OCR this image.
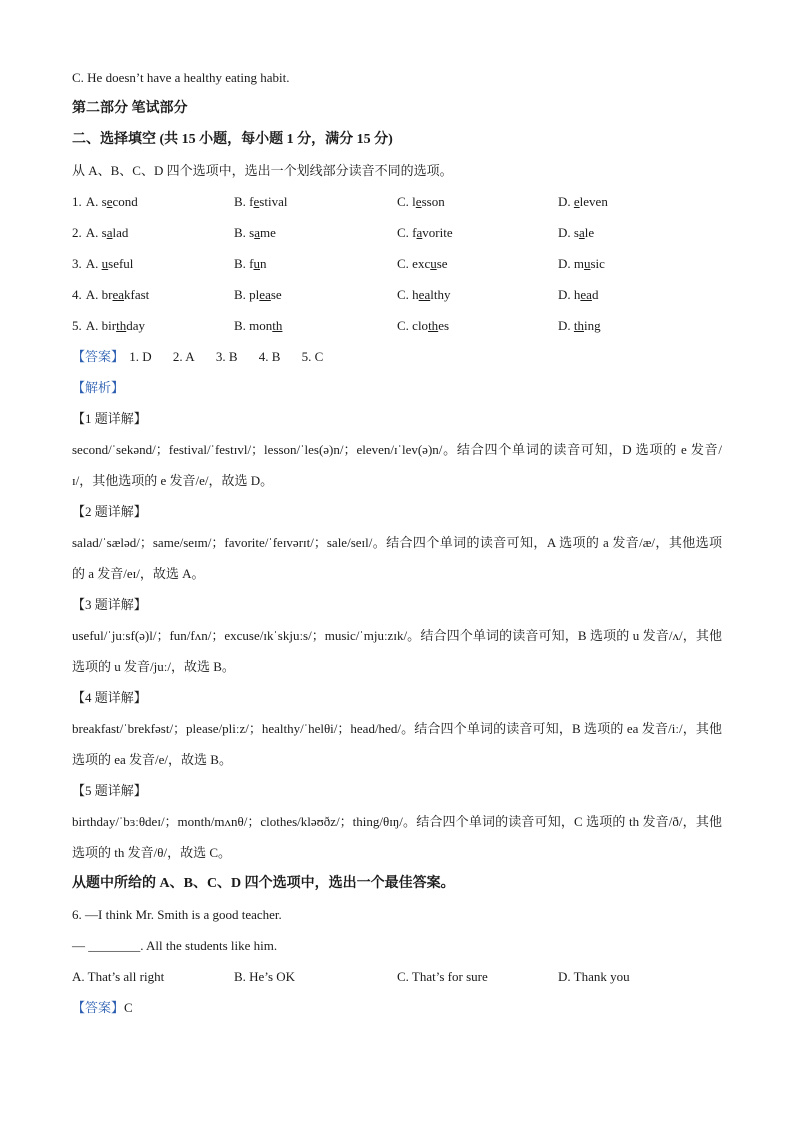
C. He doesn’t have a healthy eating habit.
第二部分 笔试部分
二、选择填空 (共 15 小题，每小题 1 分，满分 15 分)
从 A、B、C、D 四个选项中，选出一个划线部分读音不同的选项。
1. A. second	B. festival	C. lesson	D. eleven
2. A. salad	B. same	C. favorite	D. sale
3. A. useful	B. fun	C. excuse	D. music
4. A. breakfast	B. please	C. healthy	D. head
5. A. birthday	B. month	C. clothes	D. thing
【答案】 1. D 2. A 3. B 4. B 5. C
【解析】
【1 题详解】
second/ˈsekənd/；festival/ˈfestɪvl/；lesson/ˈles(ə)n/；eleven/ɪˈlev(ə)n/。结合四个单词的读音可知，D 选项的 e 发音/ɪ/，其他选项的 e 发音/e/，故选 D。
【2 题详解】
salad/ˈsæləd/；same/seɪm/；favorite/ˈfeɪvərɪt/；sale/seɪl/。结合四个单词的读音可知，A 选项的 a 发音/æ/，其他选项的 a 发音/eɪ/，故选 A。
【3 题详解】
useful/ˈjuːsf(ə)l/；fun/fʌn/；excuse/ɪkˈskjuːs/；music/ˈmjuːzɪk/。结合四个单词的读音可知，B 选项的 u 发音/ʌ/，其他选项的 u 发音/juː/，故选 B。
【4 题详解】
breakfast/ˈbrekfəst/；please/pliːz/；healthy/ˈhelθi/；head/hed/。结合四个单词的读音可知，B 选项的 ea 发音/iː/，其他选项的 ea 发音/e/，故选 B。
【5 题详解】
birthday/ˈbɜːθdeɪ/；month/mʌnθ/；clothes/kləʊðz/；thing/θɪŋ/。结合四个单词的读音可知，C 选项的 th 发音/ð/，其他选项的 th 发音/θ/，故选 C。
从题中所给的 A、B、C、D 四个选项中，选出一个最佳答案。
6. —I think Mr. Smith is a good teacher.
— ________. All the students like him.
A. That’s all right	B. He’s OK	C. That’s for sure	D. Thank you
【答案】C
